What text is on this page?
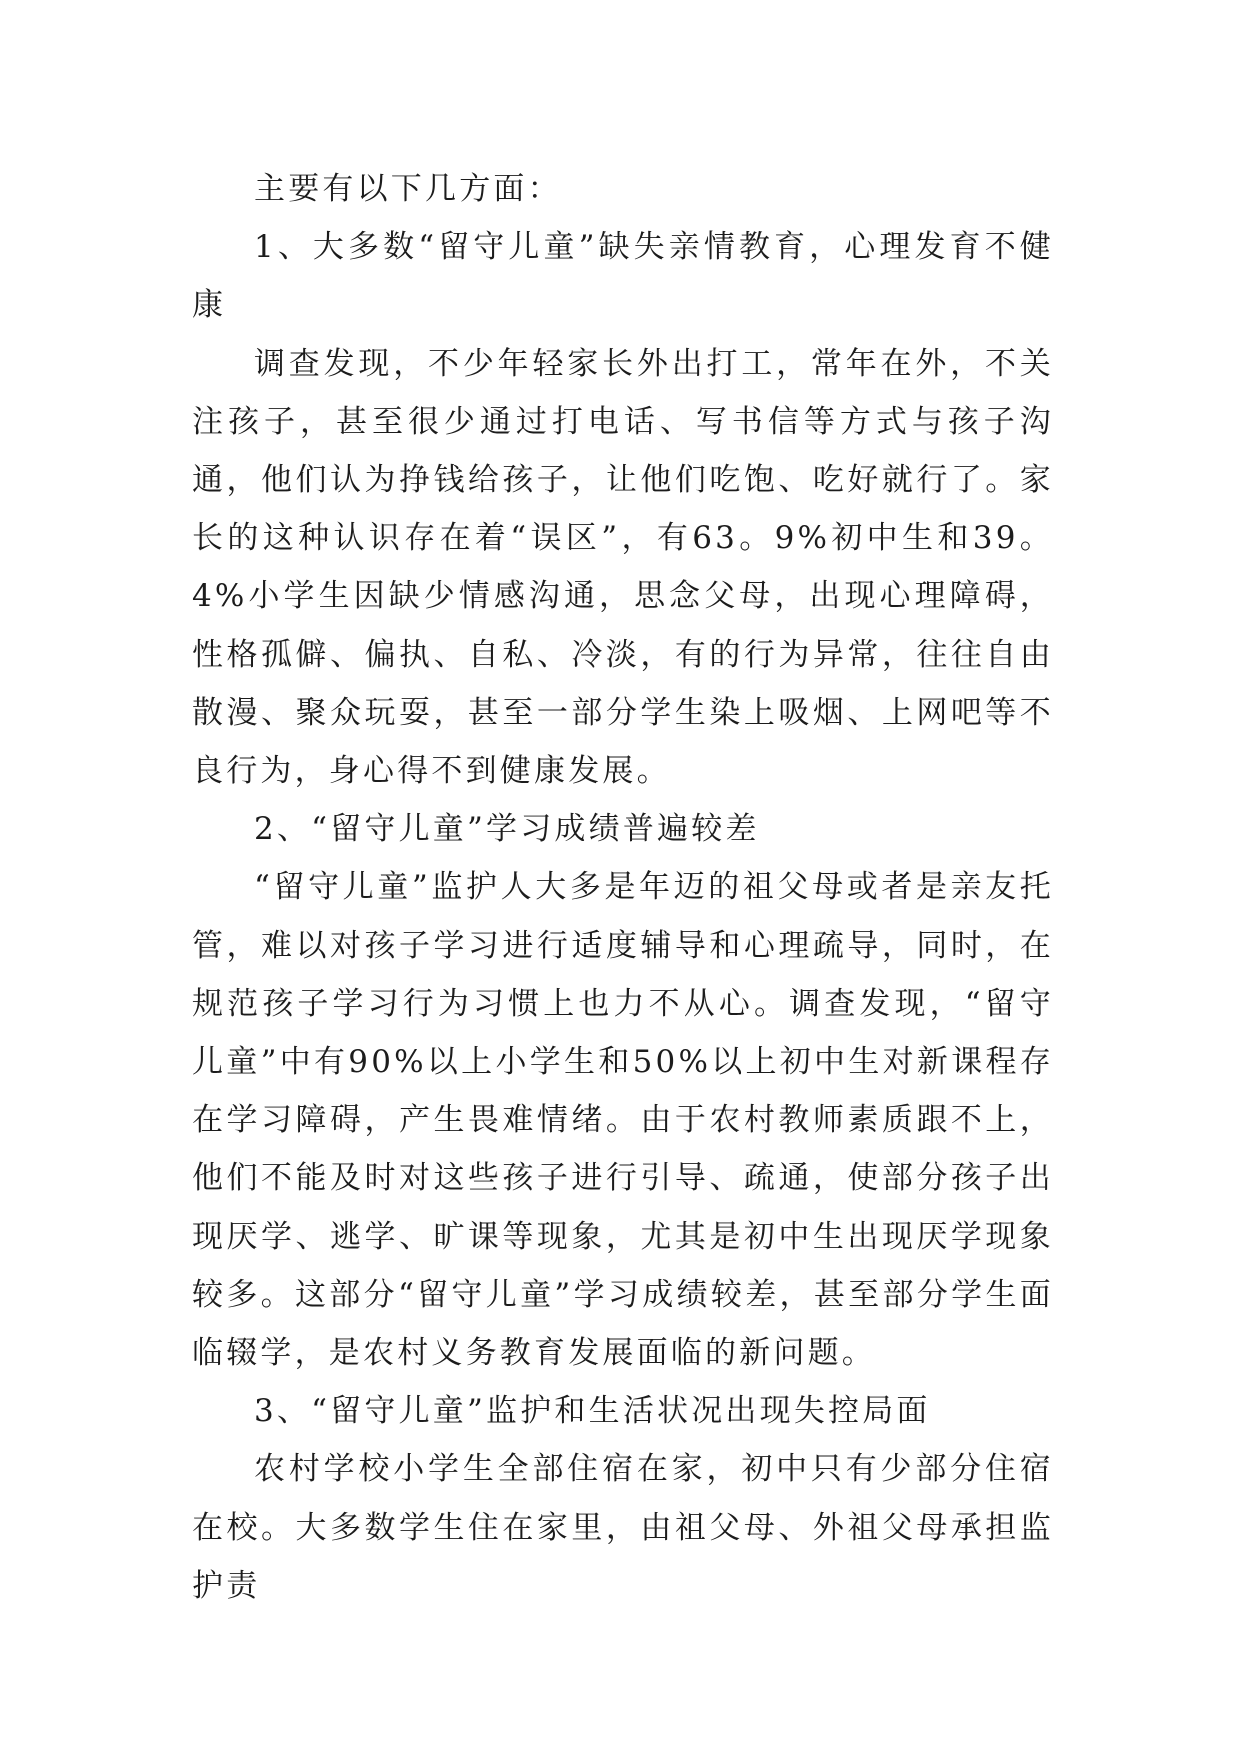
主要有以下几方面：

1、大多数“留守儿童”缺失亲情教育，心理发育不健康

调查发现，不少年轻家长外出打工，常年在外，不关注孩子，甚至很少通过打电话、写书信等方式与孩子沟通，他们认为挣钱给孩子，让他们吃饱、吃好就行了。家长的这种认识存在着“误区”，有63。9%初中生和39。4%小学生因缺少情感沟通，思念父母，出现心理障碍，性格孤僻、偏执、自私、冷淡，有的行为异常，往往自由散漫、聚众玩耍，甚至一部分学生染上吸烟、上网吧等不良行为，身心得不到健康发展。

2、“留守儿童”学习成绩普遍较差

“留守儿童”监护人大多是年迈的祖父母或者是亲友托管，难以对孩子学习进行适度辅导和心理疏导，同时，在规范孩子学习行为习惯上也力不从心。调查发现，“留守儿童”中有90%以上小学生和50%以上初中生对新课程存在学习障碍，产生畏难情绪。由于农村教师素质跟不上，他们不能及时对这些孩子进行引导、疏通，使部分孩子出现厌学、逃学、旷课等现象，尤其是初中生出现厌学现象较多。这部分“留守儿童”学习成绩较差，甚至部分学生面临辍学，是农村义务教育发展面临的新问题。

3、“留守儿童”监护和生活状况出现失控局面

农村学校小学生全部住宿在家，初中只有少部分住宿在校。大多数学生住在家里，由祖父母、外祖父母承担监护责
